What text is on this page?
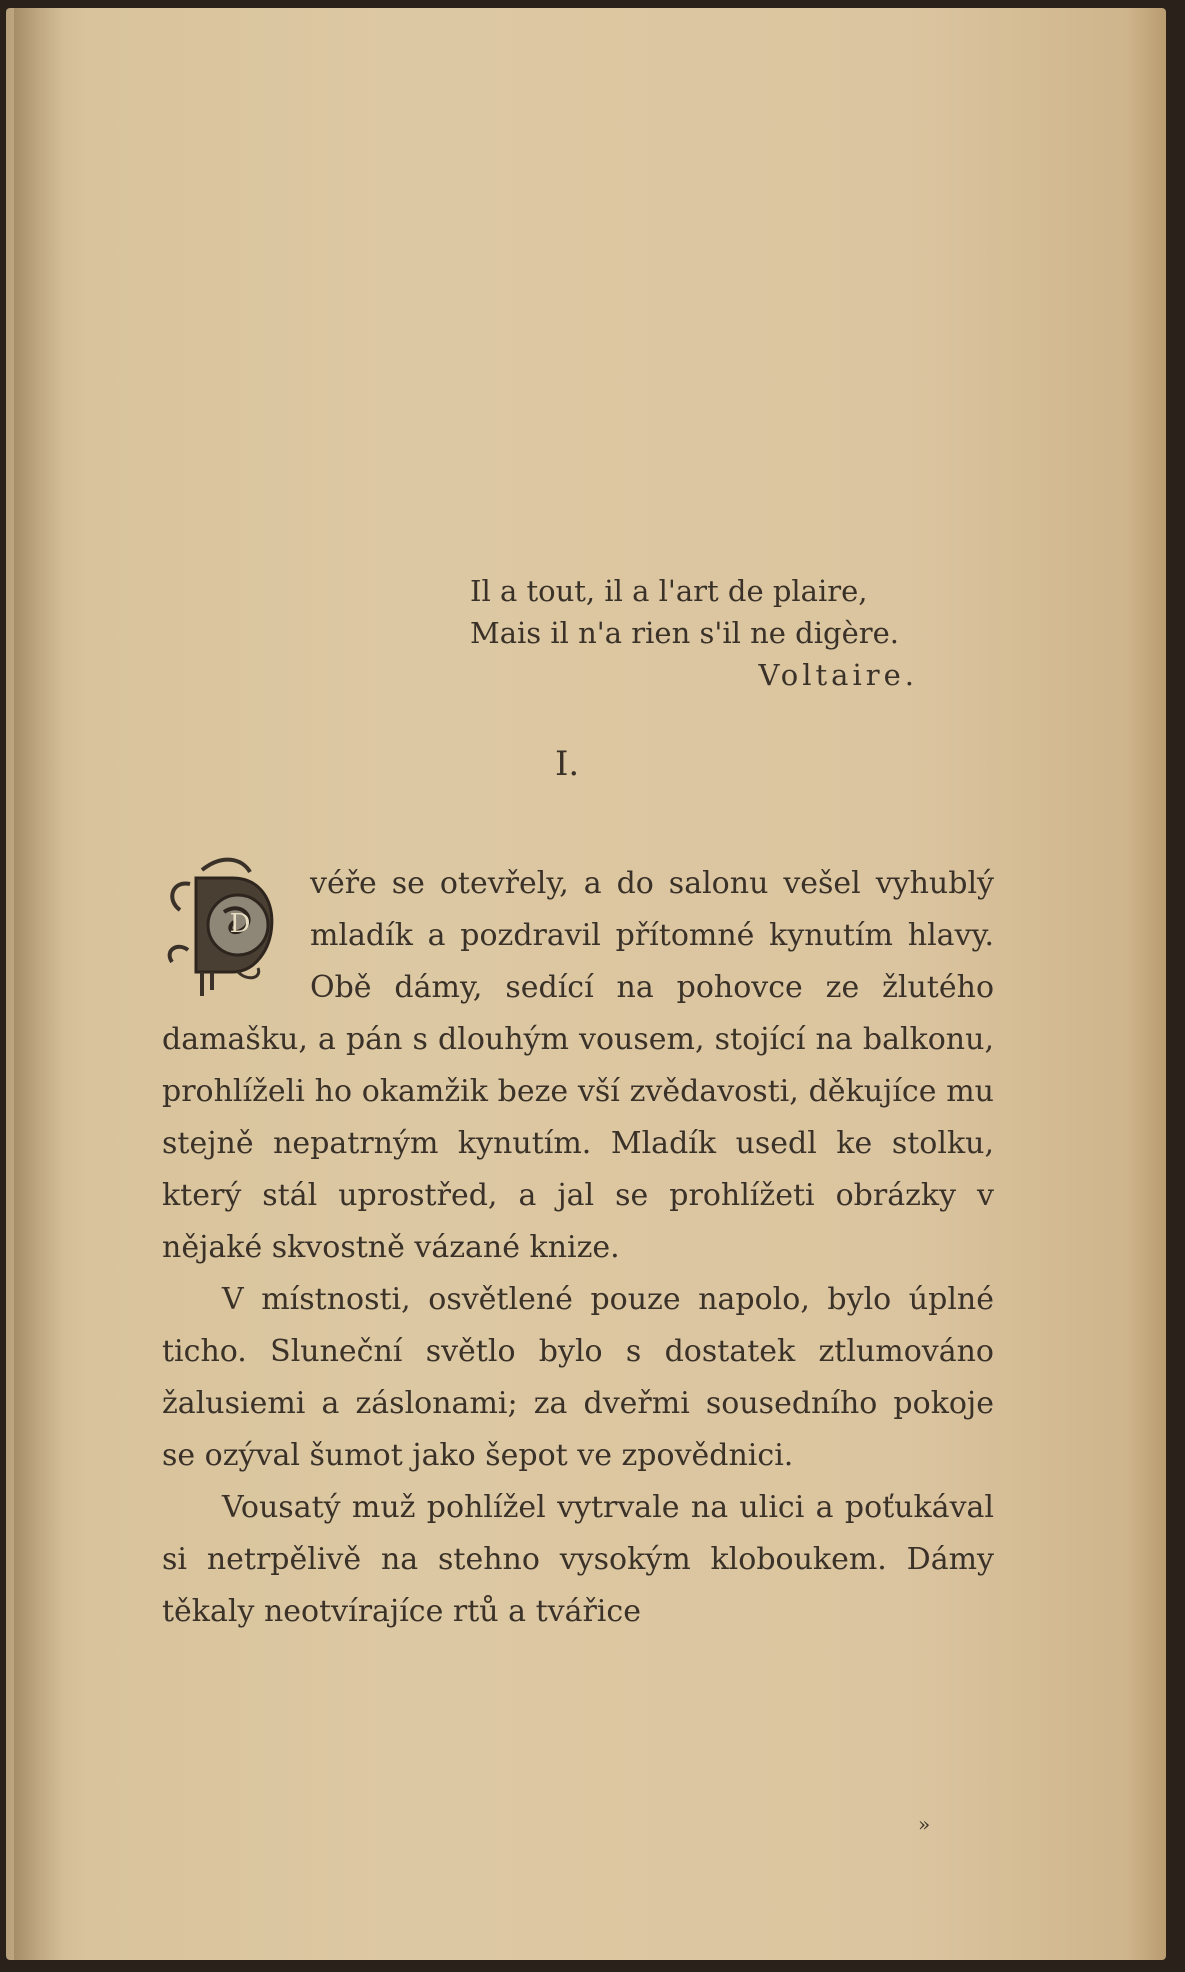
Il a tout, il a l'art de plaire,
Mais il n'a rien s'il ne digère.
Voltaire.
I.

D
véře se otevřely, a do salonu vešel vyhublý mladík a pozdravil přítomné kynutím hlavy. Obě dámy, sedící na pohovce ze žlutého damašku, a pán s dlouhým vousem, stojící na balkonu, prohlíželi ho okamžik beze vší zvědavosti, děkujíce mu stejně nepatrným kynutím. Mladík usedl ke stolku, který stál uprostřed, a jal se prohlížeti obrázky v nějaké skvostně vázané knize.

V místnosti, osvětlené pouze napolo, bylo úplné ticho. Sluneční světlo bylo s dostatek ztlumováno žalusiemi a záslonami; za dveřmi sousedního pokoje se ozýval šumot jako šepot ve zpovědnici.

Vousatý muž pohlížel vytrvale na ulici a poťukával si netrpělivě na stehno vysokým kloboukem. Dámy těkaly neotvírajíce rtů a tvářice

»
